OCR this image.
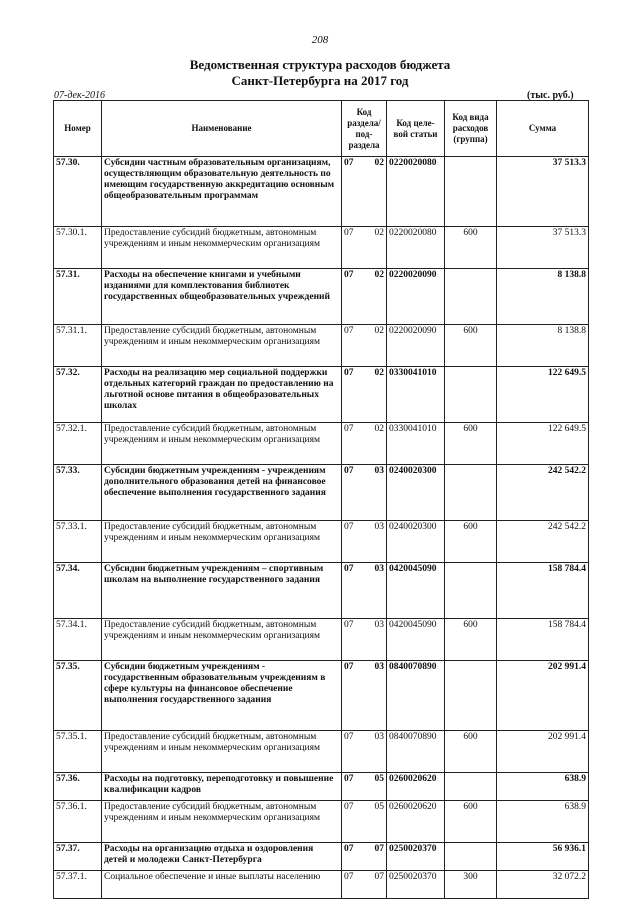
208
Ведомственная структура расходов бюджета
Санкт-Петербурга на 2017 год
07-дек-2016	(тыс. руб.)
Номер	Наименование	Код раздела/ под- раздела		Код целе- вой статьи	Код вида расходов (группа)	Сумма
57.30.	Субсидии частным образовательным организациям, осуществляющим образовательную деятельность по имеющим государственную аккредитацию основным общеобразовательным программам	07	02	0220020080		37 513.3
57.30.1.	Предоставление субсидий бюджетным, автономным учреждениям и иным некоммерческим организациям	07	02	0220020080	600	37 513.3
57.31.	Расходы на обеспечение книгами и учебными изданиями для комплектования библиотек государственных общеобразовательных учреждений	07	02	0220020090		8 138.8
57.31.1.	Предоставление субсидий бюджетным, автономным учреждениям и иным некоммерческим организациям	07	02	0220020090	600	8 138.8
57.32.	Расходы на реализацию мер социальной поддержки отдельных категорий граждан по предоставлению на льготной основе питания в общеобразовательных школах	07	02	0330041010		122 649.5
57.32.1.	Предоставление субсидий бюджетным, автономным учреждениям и иным некоммерческим организациям	07	02	0330041010	600	122 649.5
57.33.	Субсидии бюджетным учреждениям - учреждениям дополнительного образования детей на финансовое обеспечение выполнения государственного задания	07	03	0240020300		242 542.2
57.33.1.	Предоставление субсидий бюджетным, автономным учреждениям и иным некоммерческим организациям	07	03	0240020300	600	242 542.2
57.34.	Субсидии бюджетным учреждениям – спортивным школам на выполнение государственного задания	07	03	0420045090		158 784.4
57.34.1.	Предоставление субсидий бюджетным, автономным учреждениям и иным некоммерческим организациям	07	03	0420045090	600	158 784.4
57.35.	Субсидии бюджетным учреждениям - государственным образовательным учреждениям в сфере культуры на финансовое обеспечение выполнения государственного задания	07	03	0840070890		202 991.4
57.35.1.	Предоставление субсидий бюджетным, автономным учреждениям и иным некоммерческим организациям	07	03	0840070890	600	202 991.4
57.36.	Расходы на подготовку, переподготовку и повышение квалификации кадров	07	05	0260020620		638.9
57.36.1.	Предоставление субсидий бюджетным, автономным учреждениям и иным некоммерческим организациям	07	05	0260020620	600	638.9
57.37.	Расходы на организацию отдыха и оздоровления детей и молодежи Санкт-Петербурга	07	07	0250020370		56 936.1
57.37.1.	Социальное обеспечение и иные выплаты населению	07	07	0250020370	300	32 072.2
